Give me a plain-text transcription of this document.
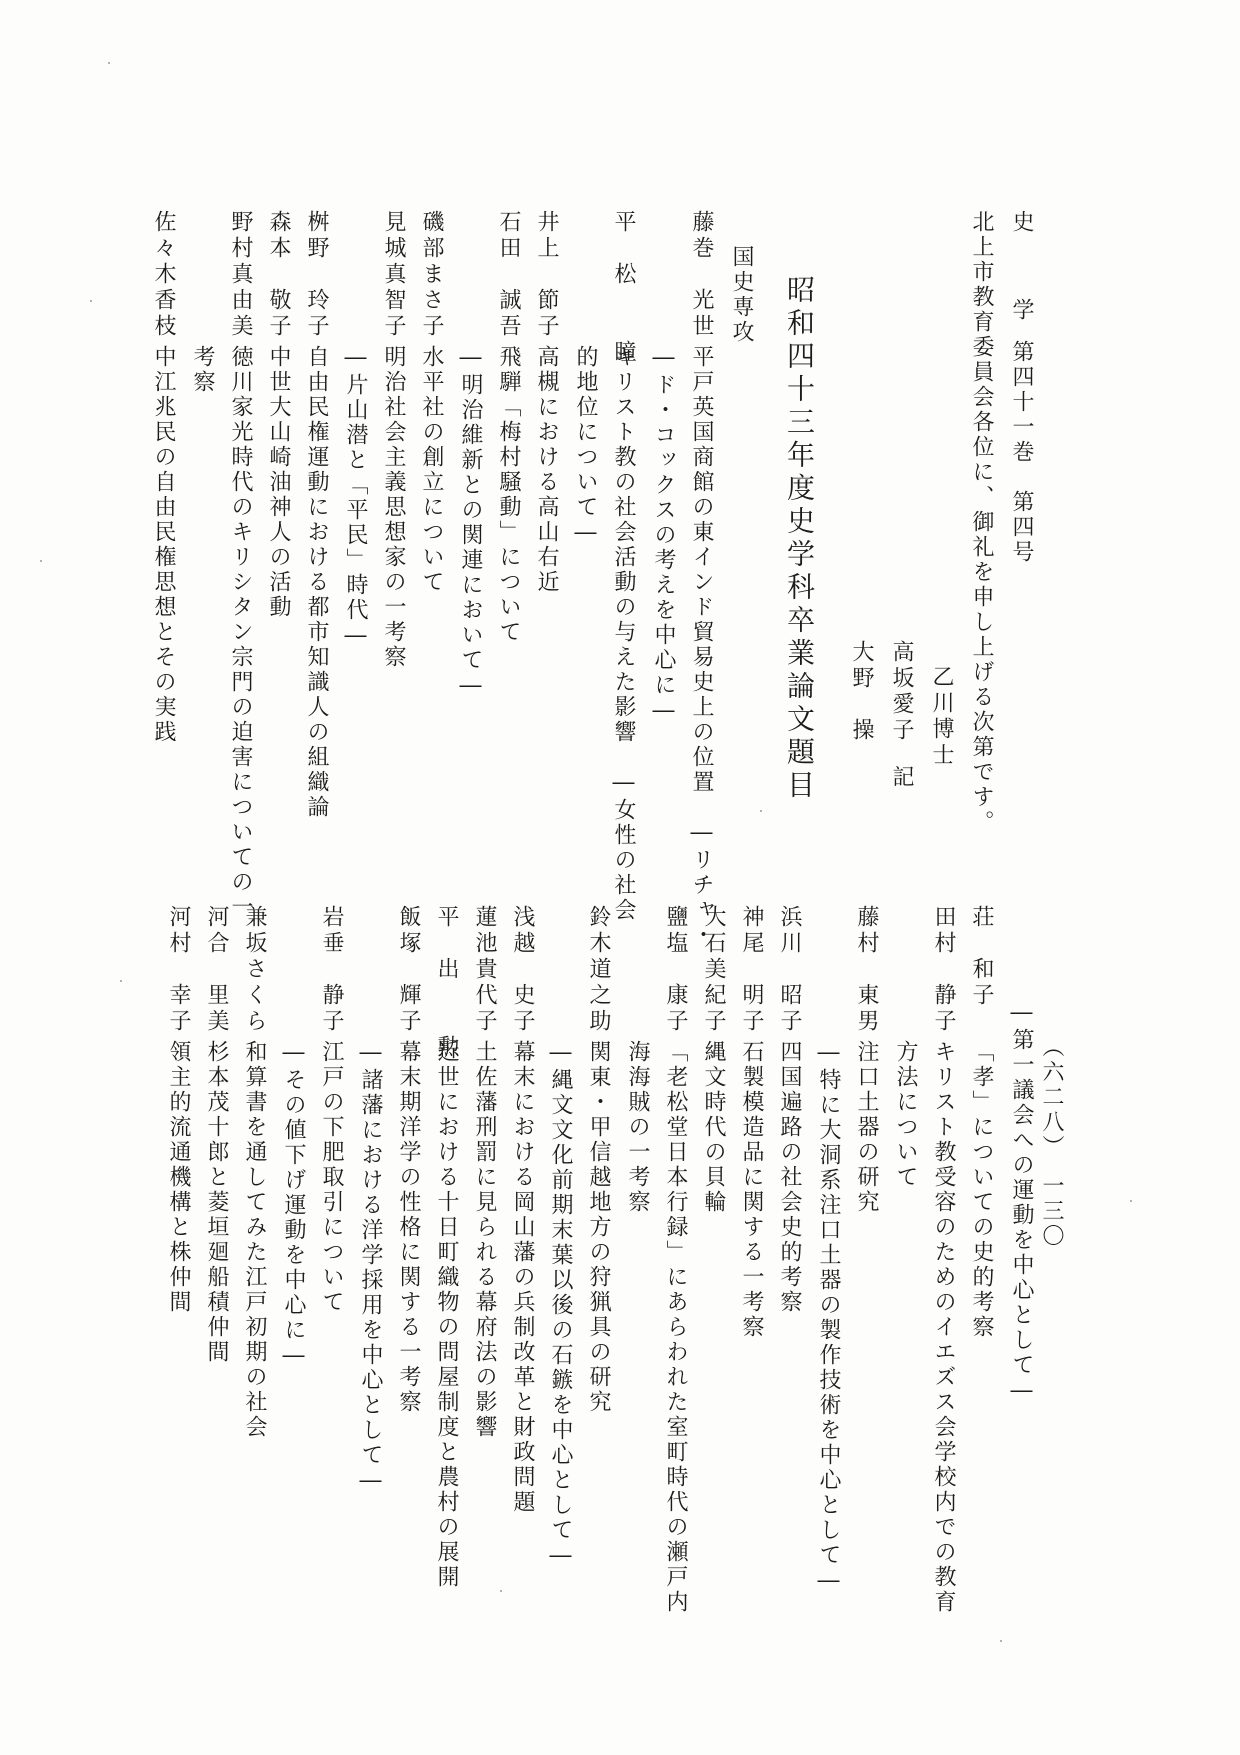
史　学
第四十一巻　第四号
（六二八）　一三〇
北上市教育委員会各位に、御礼を申し上げる次第です。
乙川博士
高坂愛子
記
大野　操
昭和四十三年度史学科卒業論文題目
国史専攻
藤巻　光世
平戸英国商館の東インド貿易史上の位置　―リチャ・
―ド・コックスの考えを中心に―
平　松　　瞳
キリスト教の社会活動の与えた影響　―女性の社会
的地位について―
井上　節子
高槻における高山右近
石田　誠吾
飛騨「梅村騒動」について
―明治維新との関連において―
磯部まさ子
水平社の創立について
見城真智子
明治社会主義思想家の一考察
―片山潜と「平民」時代―
桝野　玲子
自由民権運動における都市知識人の組織論
森本　敬子
中世大山崎油神人の活動
野村真由美
徳川家光時代のキリシタン宗門の迫害についての一
考察
佐々木香枝
中江兆民の自由民権思想とその実践
―第一議会への運動を中心として―
荘　和子
「孝」についての史的考察
田村　静子
キリスト教受容のためのイエズス会学校内での教育
方法について
藤村　東男
注口土器の研究
―特に大洞系注口土器の製作技術を中心として―
浜川　昭子
四国遍路の社会史的考察
神尾　明子
石製模造品に関する一考察
大石美紀子
縄文時代の貝輪
鹽塩　康子
「老松堂日本行録」にあらわれた室町時代の瀬戸内
海海賊の一考察
鈴木道之助
関東・甲信越地方の狩猟具の研究
―縄文文化前期末葉以後の石鏃を中心として―
浅越　史子
幕末における岡山藩の兵制改革と財政問題
蓮池貴代子
土佐藩刑罰に見られる幕府法の影響
平　出　　勲
近世における十日町織物の問屋制度と農村の展開
飯塚　輝子
幕末期洋学の性格に関する一考察
―諸藩における洋学採用を中心として―
岩垂　静子
江戸の下肥取引について
―その値下げ運動を中心に―
兼坂さくら
和算書を通してみた江戸初期の社会
河合　里美
杉本茂十郎と菱垣廻船積仲間
河村　幸子
領主的流通機構と株仲間
